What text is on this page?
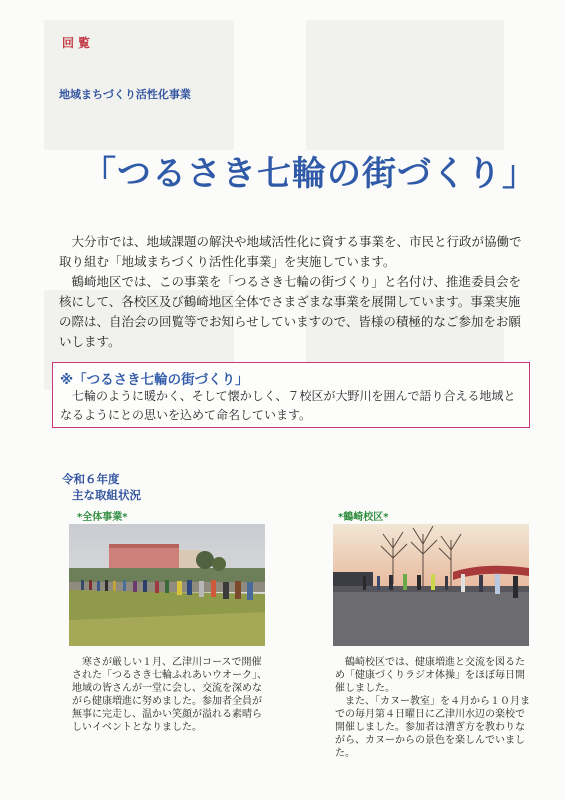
回覧
地域まちづくり活性化事業
「つるさき七輪の街づくり」

大分市では、地域課題の解決や地域活性化に資する事業を、市民と行政が協働で取り組む「地域まちづくり活性化事業」を実施しています。

鶴崎地区では、この事業を「つるさき七輪の街づくり」と名付け、推進委員会を核にして、各校区及び鶴崎地区全体でさまざまな事業を展開しています。事業実施の際は、自治会の回覧等でお知らせしていますので、皆様の積極的なご参加をお願いします。

※「つるさき七輪の街づくり」
七輪のように暖かく、そして懐かしく、７校区が大野川を囲んで語り合える地域となるようにとの思いを込めて命名しています。
令和６年度
主な取組状況
*全体事業*	*鶴崎校区*

寒さが厳しい１月、乙津川コースで開催された「つるさき七輪ふれあいウオーク」、地域の皆さんが一堂に会し、交流を深めながら健康増進に努めました。参加者全員が無事に完走し、温かい笑顔が溢れる素晴らしいイベントとなりました。

鶴崎校区では、健康増進と交流を図るため「健康づくりラジオ体操」をほぼ毎日開催しました。

また、「カヌー教室」を４月から１０月までの毎月第４日曜日に乙津川水辺の楽校で開催しました。参加者は漕ぎ方を教わりながら、カヌーからの景色を楽しんでいました。
